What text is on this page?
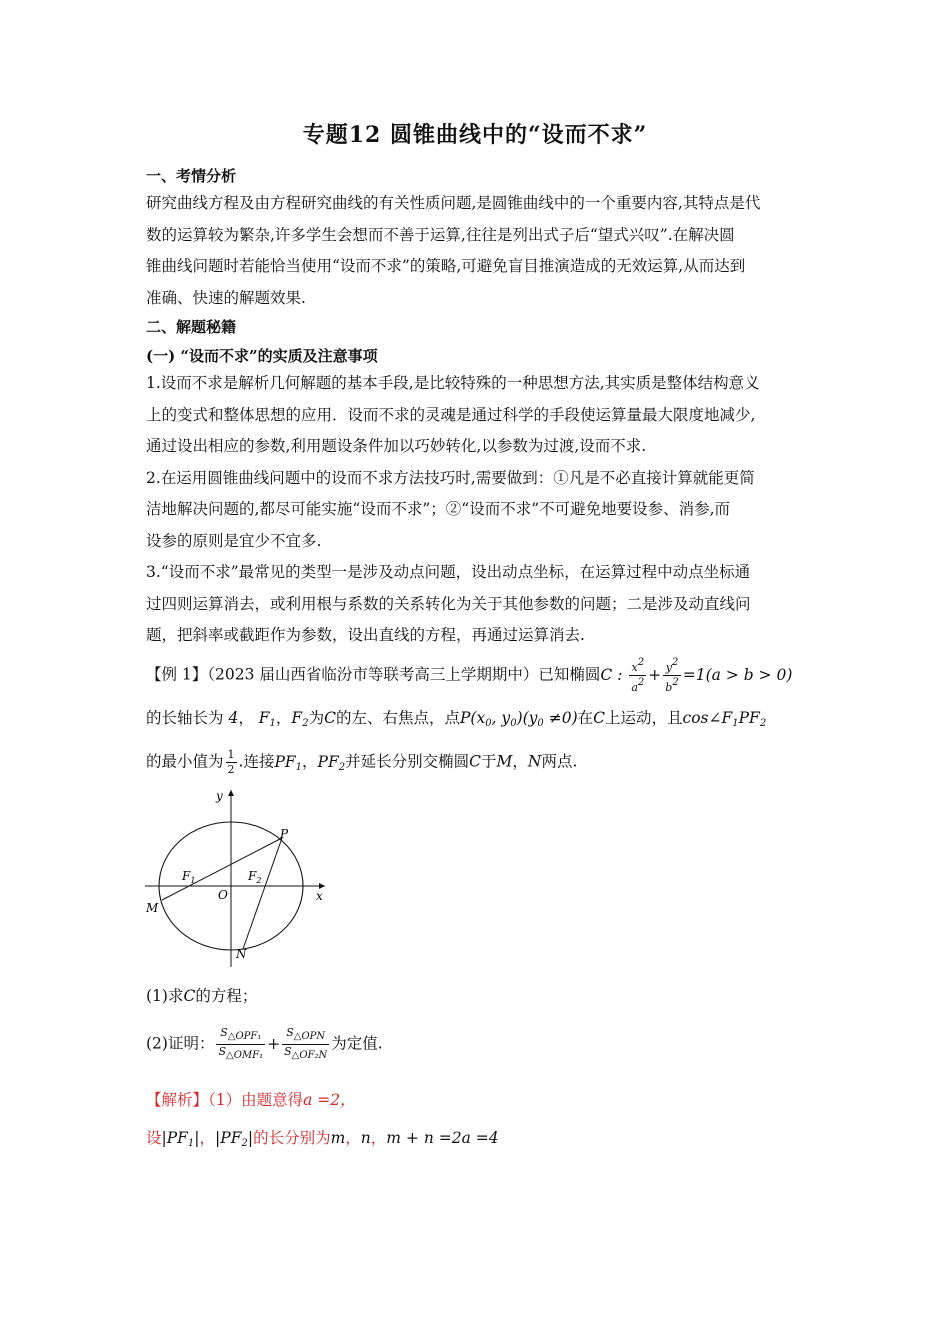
专题12 圆锥曲线中的“设而不求”
一、考情分析
研究曲线方程及由方程研究曲线的有关性质问题,是圆锥曲线中的一个重要内容,其特点是代
数的运算较为繁杂,许多学生会想而不善于运算,往往是列出式子后“望式兴叹”.在解决圆
锥曲线问题时若能恰当使用“设而不求”的策略,可避免盲目推演造成的无效运算,从而达到
准确、快速的解题效果.
二、解题秘籍
(一) “设而不求”的实质及注意事项
1.设而不求是解析几何解题的基本手段,是比较特殊的一种思想方法,其实质是整体结构意义
上的变式和整体思想的应用．设而不求的灵魂是通过科学的手段使运算量最大限度地减少,
通过设出相应的参数,利用题设条件加以巧妙转化,以参数为过渡,设而不求.
2.在运用圆锥曲线问题中的设而不求方法技巧时,需要做到：①凡是不必直接计算就能更简
洁地解决问题的,都尽可能实施“设而不求”；②“设而不求”不可避免地要设参、消参,而
设参的原则是宜少不宜多.
3.“设而不求”最常见的类型一是涉及动点问题，设出动点坐标，在运算过程中动点坐标通
过四则运算消去，或利用根与系数的关系转化为关于其他参数的问题；二是涉及动直线问
题，把斜率或截距作为参数，设出直线的方程，再通过运算消去.
【例 1】（2023 届山西省临汾市等联考高三上学期期中）已知椭圆C : $\frac{x2}{a2} + \frac{y2}{b2} =1(a > b > 0)$
的长轴长为 4， $F_1$，$F_2$为C的左、右焦点，点$P(x_0$, $y_0)(y_0 \ne 0)$在C上运动，且$\cos\angle F_1PF_2$
的最小值为 $\frac{1}{2}$ .连接$PF_1$，$PF_2$并延长分别交椭圆C于M，N两点.
y
x
O
P
M
N
$F_1$	$F_2$
(1)求C的方程；
(2)证明： $\frac{\text{S△OPF₁}}{\text{S△OMF₁}} + \frac{\text{S△OPN}}{\text{S△OF₂N}}$ 为定值.
【解析】（1）由题意得a =2，
设$|PF_1|$，$|PF_2|$的长分别为m，n，m + n =2a =4
